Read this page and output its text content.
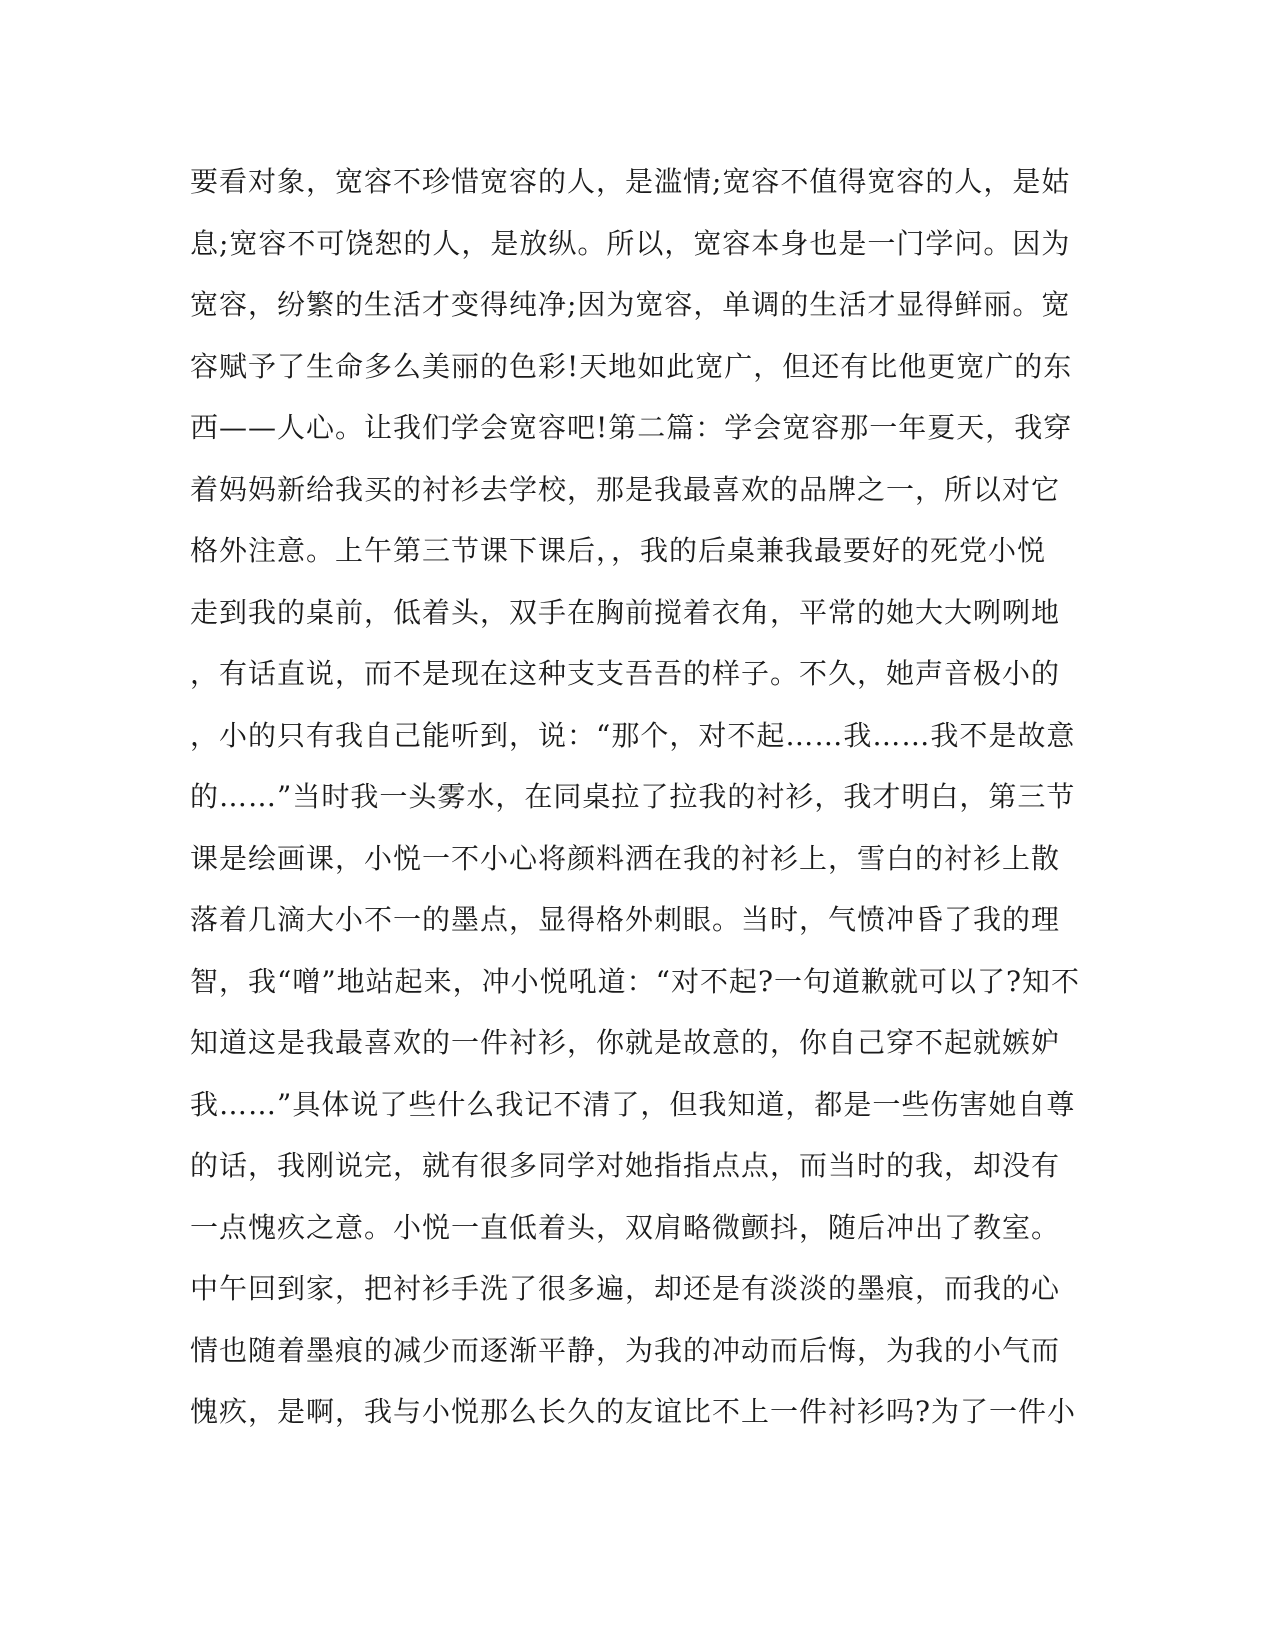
要看对象，宽容不珍惜宽容的人，是滥情;宽容不值得宽容的人，是姑
息;宽容不可饶恕的人，是放纵。所以，宽容本身也是一门学问。因为
宽容，纷繁的生活才变得纯净;因为宽容，单调的生活才显得鲜丽。宽
容赋予了生命多么美丽的色彩!天地如此宽广，但还有比他更宽广的东
西——人心。让我们学会宽容吧!第二篇：学会宽容那一年夏天，我穿
着妈妈新给我买的衬衫去学校，那是我最喜欢的品牌之一，所以对它
格外注意。上午第三节课下课后，，我的后桌兼我最要好的死党小悦
走到我的桌前，低着头，双手在胸前搅着衣角，平常的她大大咧咧地
，有话直说，而不是现在这种支支吾吾的样子。不久，她声音极小的
，小的只有我自己能听到，说：“那个，对不起……我……我不是故意
的……”当时我一头雾水，在同桌拉了拉我的衬衫，我才明白，第三节
课是绘画课，小悦一不小心将颜料洒在我的衬衫上，雪白的衬衫上散
落着几滴大小不一的墨点，显得格外刺眼。当时，气愤冲昏了我的理
智，我“噌”地站起来，冲小悦吼道：“对不起?一句道歉就可以了?知不
知道这是我最喜欢的一件衬衫，你就是故意的，你自己穿不起就嫉妒
我……”具体说了些什么我记不清了，但我知道，都是一些伤害她自尊
的话，我刚说完，就有很多同学对她指指点点，而当时的我，却没有
一点愧疚之意。小悦一直低着头，双肩略微颤抖，随后冲出了教室。
中午回到家，把衬衫手洗了很多遍，却还是有淡淡的墨痕，而我的心
情也随着墨痕的减少而逐渐平静，为我的冲动而后悔，为我的小气而
愧疚，是啊，我与小悦那么长久的友谊比不上一件衬衫吗?为了一件小
